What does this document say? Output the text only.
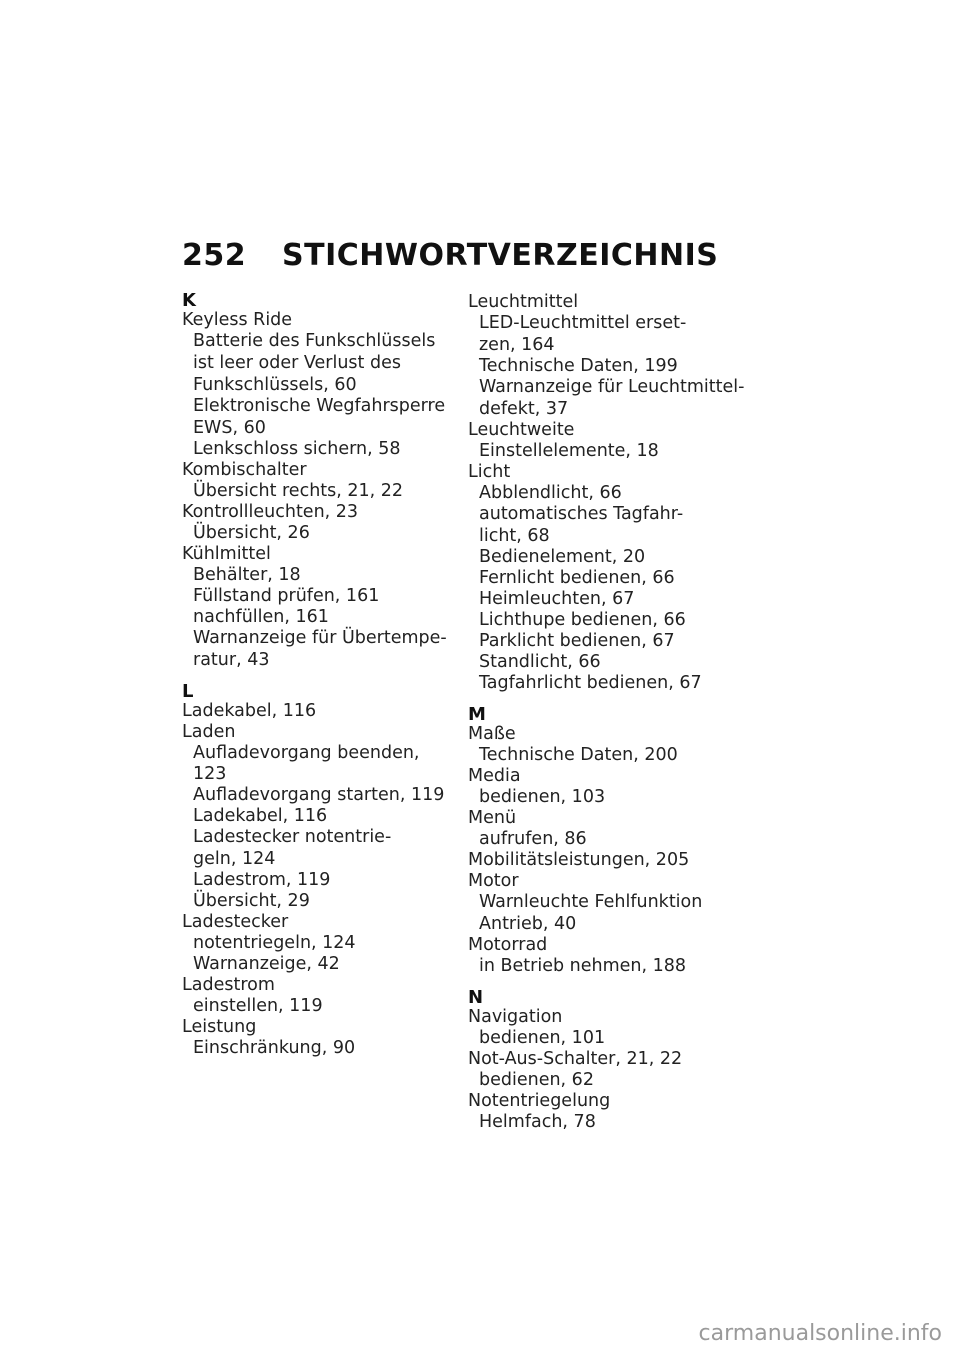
252	STICHWORTVERZEICHNIS
K
Keyless Ride
Batterie des Funkschlüssels
ist leer oder Verlust des
Funkschlüssels, 60
Elektronische Wegfahrsperre
EWS, 60
Lenkschloss sichern, 58
Kombischalter
Übersicht rechts, 21, 22
Kontrollleuchten, 23
Übersicht, 26
Kühlmittel
Behälter, 18
Füllstand prüfen, 161
nachfüllen, 161
Warnanzeige für Übertempe-
ratur, 43
L
Ladekabel, 116
Laden
Aufladevorgang beenden, 123
Aufladevorgang starten, 119
Ladekabel, 116
Ladestecker notentrie-
geln, 124
Ladestrom, 119
Übersicht, 29
Ladestecker
notentriegeln, 124
Warnanzeige, 42
Ladestrom
einstellen, 119
Leistung
Einschränkung, 90
Leuchtmittel
LED-Leuchtmittel erset-
zen, 164
Technische Daten, 199
Warnanzeige für Leuchtmittel-
defekt, 37
Leuchtweite
Einstellelemente, 18
Licht
Abblendlicht, 66
automatisches Tagfahr-
licht, 68
Bedienelement, 20
Fernlicht bedienen, 66
Heimleuchten, 67
Lichthupe bedienen, 66
Parklicht bedienen, 67
Standlicht, 66
Tagfahrlicht bedienen, 67
M
Maße
Technische Daten, 200
Media
bedienen, 103
Menü
aufrufen, 86
Mobilitätsleistungen, 205
Motor
Warnleuchte Fehlfunktion
Antrieb, 40
Motorrad
in Betrieb nehmen, 188
N
Navigation
bedienen, 101
Not-Aus-Schalter, 21, 22
bedienen, 62
Notentriegelung
Helmfach, 78
carmanualsonline.info
